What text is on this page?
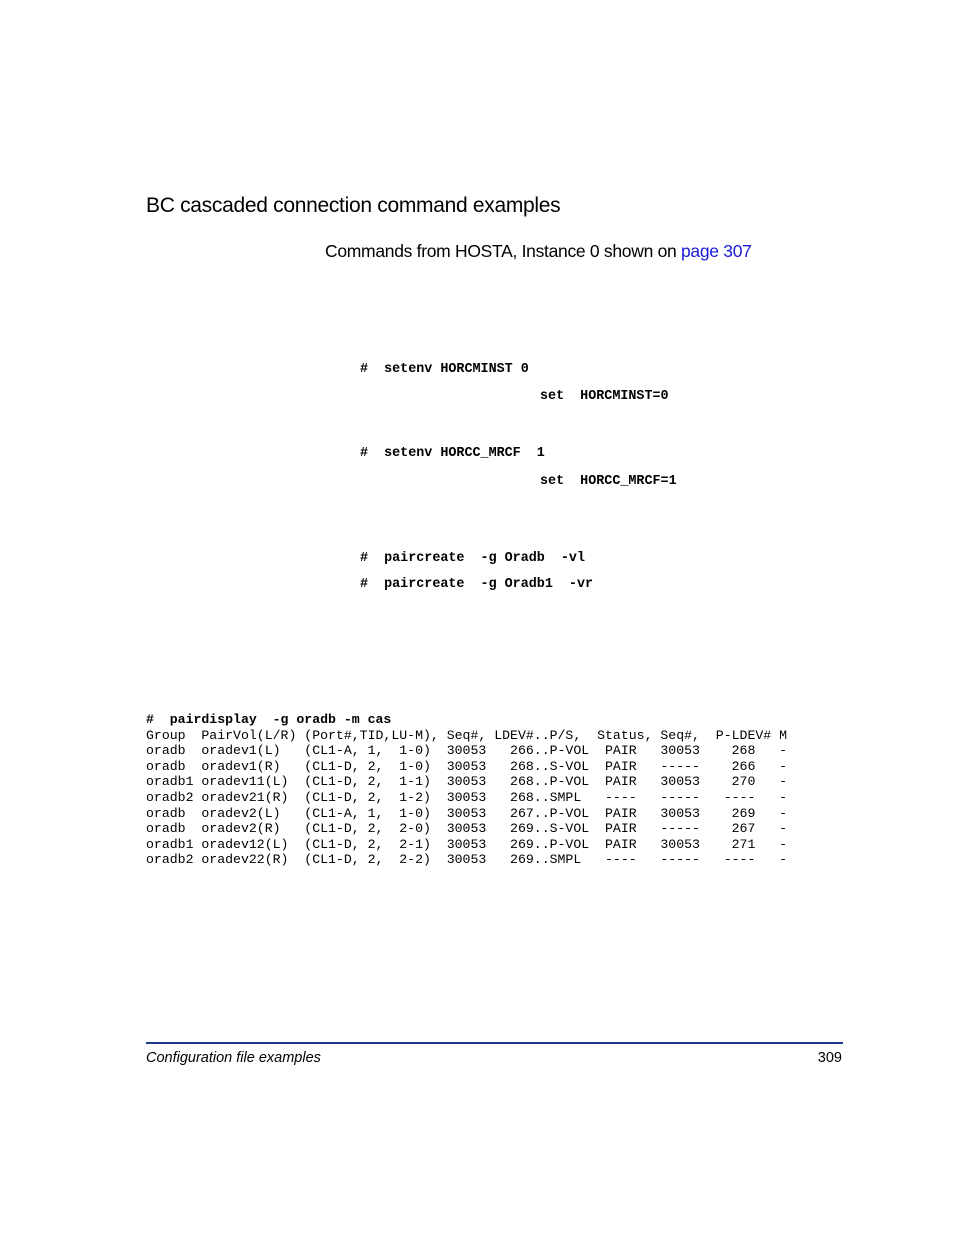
BC cascaded connection command examples
Commands from HOSTA, Instance 0 shown on page 307
#  setenv HORCMINST 0
set  HORCMINST=0
#  setenv HORCC_MRCF  1
set  HORCC_MRCF=1
#  paircreate  -g Oradb  -vl
#  paircreate  -g Oradb1  -vr
#  pairdisplay  -g oradb -m cas
Group  PairVol(L/R) (Port#,TID,LU-M), Seq#, LDEV#..P/S,  Status, Seq#,  P-LDEV# M
oradb  oradev1(L)   (CL1-A, 1,  1-0)  30053   266..P-VOL  PAIR   30053    268   -
oradb  oradev1(R)   (CL1-D, 2,  1-0)  30053   268..S-VOL  PAIR   -----    266   -
oradb1 oradev11(L)  (CL1-D, 2,  1-1)  30053   268..P-VOL  PAIR   30053    270   -
oradb2 oradev21(R)  (CL1-D, 2,  1-2)  30053   268..SMPL   ----   -----   ----   -
oradb  oradev2(L)   (CL1-A, 1,  1-0)  30053   267..P-VOL  PAIR   30053    269   -
oradb  oradev2(R)   (CL1-D, 2,  2-0)  30053   269..S-VOL  PAIR   -----    267   -
oradb1 oradev12(L)  (CL1-D, 2,  2-1)  30053   269..P-VOL  PAIR   30053    271   -
oradb2 oradev22(R)  (CL1-D, 2,  2-2)  30053   269..SMPL   ----   -----   ----   -
Configuration file examples	309
